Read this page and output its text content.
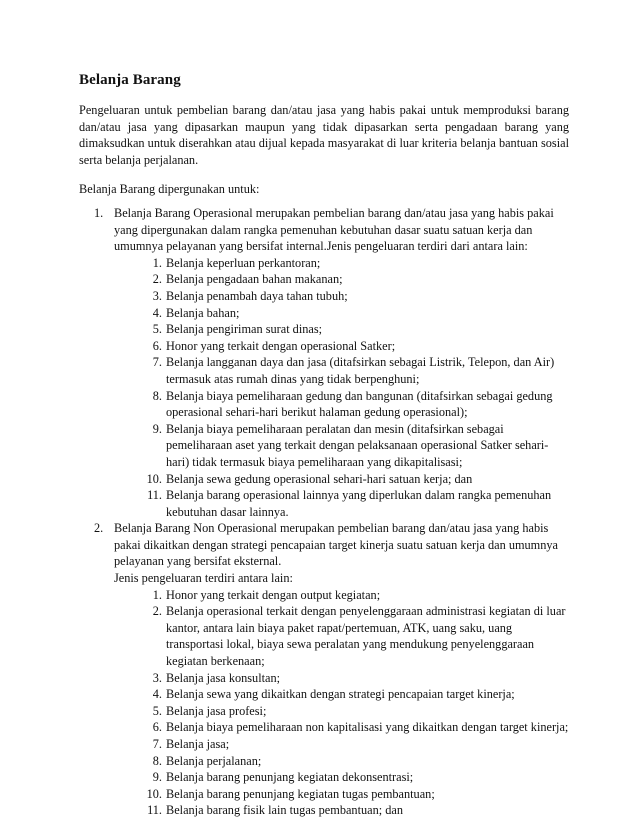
Belanja Barang
Pengeluaran untuk pembelian barang dan/atau jasa yang habis pakai untuk memproduksi barang dan/atau jasa yang dipasarkan maupun yang tidak dipasarkan serta pengadaan barang yang dimaksudkan untuk diserahkan atau dijual kepada masyarakat di luar kriteria belanja bantuan sosial serta belanja perjalanan.
Belanja Barang dipergunakan untuk:
1. Belanja Barang Operasional merupakan pembelian barang dan/atau jasa yang habis pakai yang dipergunakan dalam rangka pemenuhan kebutuhan dasar suatu satuan kerja dan umumnya pelayanan yang bersifat internal.Jenis pengeluaran terdiri dari antara lain:
1. Belanja keperluan perkantoran;
2. Belanja pengadaan bahan makanan;
3. Belanja penambah daya tahan tubuh;
4. Belanja bahan;
5. Belanja pengiriman surat dinas;
6. Honor yang terkait dengan operasional Satker;
7. Belanja langganan daya dan jasa (ditafsirkan sebagai Listrik, Telepon, dan Air) termasuk atas rumah dinas yang tidak berpenghuni;
8. Belanja biaya pemeliharaan gedung dan bangunan (ditafsirkan sebagai gedung operasional sehari-hari berikut halaman gedung operasional);
9. Belanja biaya pemeliharaan peralatan dan mesin (ditafsirkan sebagai pemeliharaan aset yang terkait dengan pelaksanaan operasional Satker sehari-hari) tidak termasuk biaya pemeliharaan yang dikapitalisasi;
10. Belanja sewa gedung operasional sehari-hari satuan kerja; dan
11. Belanja barang operasional lainnya yang diperlukan dalam rangka pemenuhan kebutuhan dasar lainnya.
2. Belanja Barang Non Operasional merupakan pembelian barang dan/atau jasa yang habis pakai dikaitkan dengan strategi pencapaian target kinerja suatu satuan kerja dan umumnya pelayanan yang bersifat eksternal.
Jenis pengeluaran terdiri antara lain:
1. Honor yang terkait dengan output kegiatan;
2. Belanja operasional terkait dengan penyelenggaraan administrasi kegiatan di luar kantor, antara lain biaya paket rapat/pertemuan, ATK, uang saku, uang transportasi lokal, biaya sewa peralatan yang mendukung penyelenggaraan kegiatan berkenaan;
3. Belanja jasa konsultan;
4. Belanja sewa yang dikaitkan dengan strategi pencapaian target kinerja;
5. Belanja jasa profesi;
6. Belanja biaya pemeliharaan non kapitalisasi yang dikaitkan dengan target kinerja;
7. Belanja jasa;
8. Belanja perjalanan;
9. Belanja barang penunjang kegiatan dekonsentrasi;
10. Belanja barang penunjang kegiatan tugas pembantuan;
11. Belanja barang fisik lain tugas pembantuan; dan
